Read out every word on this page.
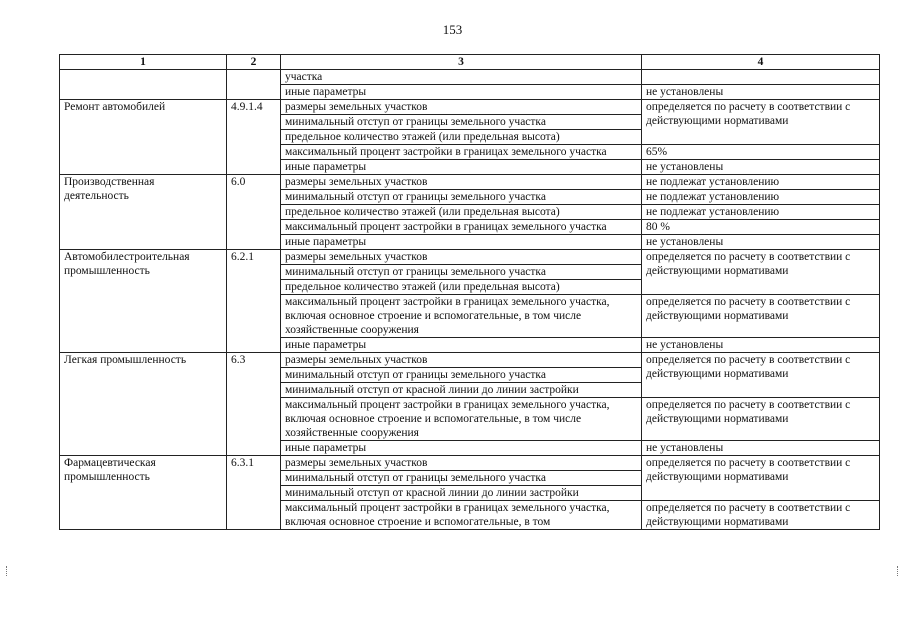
153
1	2	3	4
		участка	
		иные параметры	не установлены
Ремонт автомобилей	4.9.1.4	размеры земельных участков	определяется по расчету в соответствии с действующими нормативами
		минимальный отступ от границы земельного участка	
		предельное количество этажей (или предельная высота)	
		максимальный процент застройки в границах земельного участка	65%
		иные параметры	не установлены
Производственная деятельность	6.0	размеры земельных участков	не подлежат установлению
		минимальный отступ от границы земельного участка	не подлежат установлению
		предельное количество этажей (или предельная высота)	не подлежат установлению
		максимальный процент застройки в границах земельного участка	80 %
		иные параметры	не установлены
Автомобилестроительная промышленность	6.2.1	размеры земельных участков	определяется по расчету в соответствии с действующими нормативами
		минимальный отступ от границы земельного участка	
		предельное количество этажей (или предельная высота)	
		максимальный процент застройки в границах земельного участка, включая основное строение и вспомогательные, в том числе хозяйственные сооружения	определяется по расчету в соответствии с действующими нормативами
		иные параметры	не установлены
Легкая промышленность	6.3	размеры земельных участков	определяется по расчету в соответствии с действующими нормативами
		минимальный отступ от границы земельного участка	
		минимальный отступ от красной линии до линии застройки	
		максимальный процент застройки в границах земельного участка, включая основное строение и вспомогательные, в том числе хозяйственные сооружения	определяется по расчету в соответствии с действующими нормативами
		иные параметры	не установлены
Фармацевтическая промышленность	6.3.1	размеры земельных участков	определяется по расчету в соответствии с действующими нормативами
		минимальный отступ от границы земельного участка	
		минимальный отступ от красной линии до линии застройки	
		максимальный процент застройки в границах земельного участка, включая основное строение и вспомогательные, в том	определяется по расчету в соответствии с действующими нормативами
